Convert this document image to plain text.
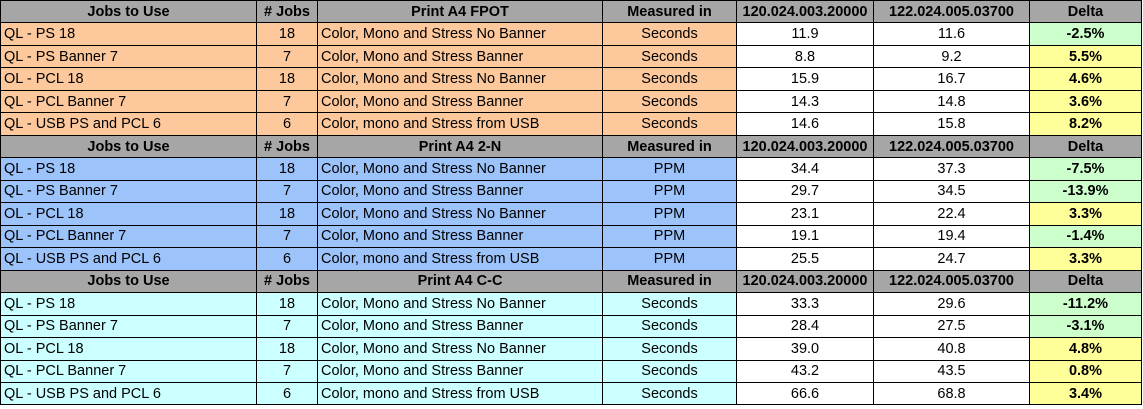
Jobs to Use	# Jobs	Print A4 FPOT	Measured in	120.024.003.20000	122.024.005.03700	Delta
QL - PS 18	18	Color, Mono and Stress No Banner	Seconds	11.9	11.6	-2.5%
QL - PS Banner 7	7	Color, Mono and Stress Banner	Seconds	8.8	9.2	5.5%
OL - PCL 18	18	Color, Mono and Stress No Banner	Seconds	15.9	16.7	4.6%
QL - PCL Banner 7	7	Color, Mono and Stress Banner	Seconds	14.3	14.8	3.6%
QL - USB PS and PCL 6	6	Color, mono and Stress from USB	Seconds	14.6	15.8	8.2%
Jobs to Use	# Jobs	Print A4 2-N	Measured in	120.024.003.20000	122.024.005.03700	Delta
QL - PS 18	18	Color, Mono and Stress No Banner	PPM	34.4	37.3	-7.5%
QL - PS Banner 7	7	Color, Mono and Stress Banner	PPM	29.7	34.5	-13.9%
OL - PCL 18	18	Color, Mono and Stress No Banner	PPM	23.1	22.4	3.3%
QL - PCL Banner 7	7	Color, Mono and Stress Banner	PPM	19.1	19.4	-1.4%
QL - USB PS and PCL 6	6	Color, mono and Stress from USB	PPM	25.5	24.7	3.3%
Jobs to Use	# Jobs	Print A4 C-C	Measured in	120.024.003.20000	122.024.005.03700	Delta
QL - PS 18	18	Color, Mono and Stress No Banner	Seconds	33.3	29.6	-11.2%
QL - PS Banner 7	7	Color, Mono and Stress Banner	Seconds	28.4	27.5	-3.1%
OL - PCL 18	18	Color, Mono and Stress No Banner	Seconds	39.0	40.8	4.8%
QL - PCL Banner 7	7	Color, Mono and Stress Banner	Seconds	43.2	43.5	0.8%
QL - USB PS and PCL 6	6	Color, mono and Stress from USB	Seconds	66.6	68.8	3.4%
